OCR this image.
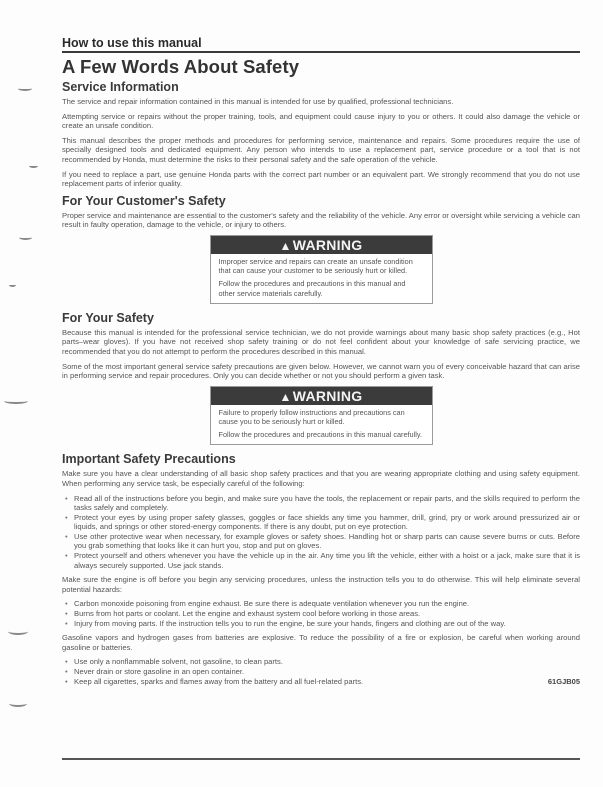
How to use this manual
A Few Words About Safety
Service Information

The service and repair information contained in this manual is intended for use by qualified, professional technicians.

Attempting service or repairs without the proper training, tools, and equipment could cause injury to you or others. It could also damage the vehicle or create an unsafe condition.

This manual describes the proper methods and procedures for performing service, maintenance and repairs. Some procedures require the use of specially designed tools and dedicated equipment. Any person who intends to use a replacement part, service procedure or a tool that is not recommended by Honda, must determine the risks to their personal safety and the safe operation of the vehicle.

If you need to replace a part, use genuine Honda parts with the correct part number or an equivalent part. We strongly recommend that you do not use replacement parts of inferior quality.

For Your Customer's Safety

Proper service and maintenance are essential to the customer's safety and the reliability of the vehicle. Any error or oversight while servicing a vehicle can result in faulty operation, damage to the vehicle, or injury to others.

▲WARNING

Improper service and repairs can create an unsafe condition that can cause your customer to be seriously hurt or killed.

Follow the procedures and precautions in this manual and other service materials carefully.

For Your Safety

Because this manual is intended for the professional service technician, we do not provide warnings about many basic shop safety practices (e.g., Hot parts–wear gloves). If you have not received shop safety training or do not feel confident about your knowledge of safe servicing practice, we recommended that you do not attempt to perform the procedures described in this manual.

Some of the most important general service safety precautions are given below. However, we cannot warn you of every conceivable hazard that can arise in performing service and repair procedures. Only you can decide whether or not you should perform a given task.

▲WARNING

Failure to properly follow instructions and precautions can cause you to be seriously hurt or killed.

Follow the procedures and precautions in this manual carefully.

Important Safety Precautions

Make sure you have a clear understanding of all basic shop safety practices and that you are wearing appropriate clothing and using safety equipment. When performing any service task, be especially careful of the following:

• Read all of the instructions before you begin, and make sure you have the tools, the replacement or repair parts, and the skills required to perform the tasks safely and completely.
• Protect your eyes by using proper safety glasses, goggles or face shields any time you hammer, drill, grind, pry or work around pressurized air or liquids, and springs or other stored-energy components. If there is any doubt, put on eye protection.
• Use other protective wear when necessary, for example gloves or safety shoes. Handling hot or sharp parts can cause severe burns or cuts. Before you grab something that looks like it can hurt you, stop and put on gloves.
• Protect yourself and others whenever you have the vehicle up in the air. Any time you lift the vehicle, either with a hoist or a jack, make sure that it is always securely supported. Use jack stands.

Make sure the engine is off before you begin any servicing procedures, unless the instruction tells you to do otherwise. This will help eliminate several potential hazards:

• Carbon monoxide poisoning from engine exhaust. Be sure there is adequate ventilation whenever you run the engine.
• Burns from hot parts or coolant. Let the engine and exhaust system cool before working in those areas.
• Injury from moving parts. If the instruction tells you to run the engine, be sure your hands, fingers and clothing are out of the way.

Gasoline vapors and hydrogen gases from batteries are explosive. To reduce the possibility of a fire or explosion, be careful when working around gasoline or batteries.

• Use only a nonflammable solvent, not gasoline, to clean parts.
• Never drain or store gasoline in an open container.
• Keep all cigarettes, sparks and flames away from the battery and all fuel-related parts.	61GJB05
